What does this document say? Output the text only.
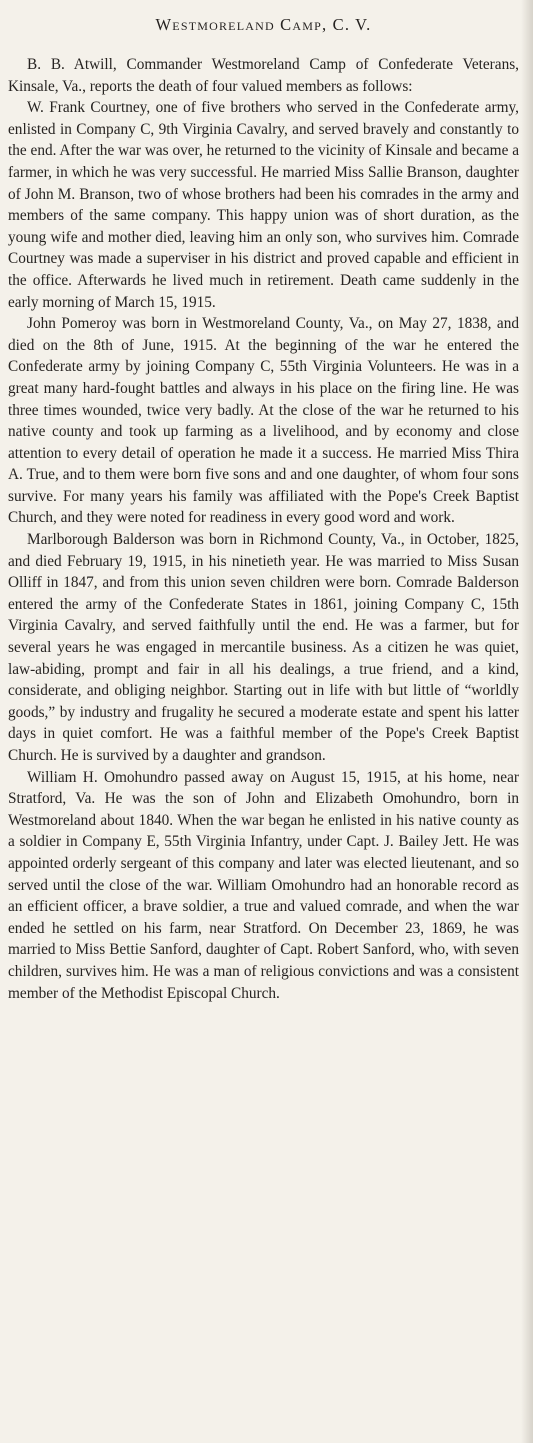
Westmoreland Camp, C. V.

B. B. Atwill, Commander Westmoreland Camp of Confederate Veterans, Kinsale, Va., reports the death of four valued members as follows:

W. Frank Courtney, one of five brothers who served in the Confederate army, enlisted in Company C, 9th Virginia Cavalry, and served bravely and constantly to the end. After the war was over, he returned to the vicinity of Kinsale and became a farmer, in which he was very successful. He married Miss Sallie Branson, daughter of John M. Branson, two of whose brothers had been his comrades in the army and members of the same company. This happy union was of short duration, as the young wife and mother died, leaving him an only son, who survives him. Comrade Courtney was made a superviser in his district and proved capable and efficient in the office. Afterwards he lived much in retirement. Death came suddenly in the early morning of March 15, 1915.

John Pomeroy was born in Westmoreland County, Va., on May 27, 1838, and died on the 8th of June, 1915. At the beginning of the war he entered the Confederate army by joining Company C, 55th Virginia Volunteers. He was in a great many hard-fought battles and always in his place on the firing line. He was three times wounded, twice very badly. At the close of the war he returned to his native county and took up farming as a livelihood, and by economy and close attention to every detail of operation he made it a success. He married Miss Thira A. True, and to them were born five sons and and one daughter, of whom four sons survive. For many years his family was affiliated with the Pope's Creek Baptist Church, and they were noted for readiness in every good word and work.

Marlborough Balderson was born in Richmond County, Va., in October, 1825, and died February 19, 1915, in his ninetieth year. He was married to Miss Susan Olliff in 1847, and from this union seven children were born. Comrade Balderson entered the army of the Confederate States in 1861, joining Company C, 15th Virginia Cavalry, and served faithfully until the end. He was a farmer, but for several years he was engaged in mercantile business. As a citizen he was quiet, law-abiding, prompt and fair in all his dealings, a true friend, and a kind, considerate, and obliging neighbor. Starting out in life with but little of “worldly goods,” by industry and frugality he secured a moderate estate and spent his latter days in quiet comfort. He was a faithful member of the Pope's Creek Baptist Church. He is survived by a daughter and grandson.

William H. Omohundro passed away on August 15, 1915, at his home, near Stratford, Va. He was the son of John and Elizabeth Omohundro, born in Westmoreland about 1840. When the war began he enlisted in his native county as a soldier in Company E, 55th Virginia Infantry, under Capt. J. Bailey Jett. He was appointed orderly sergeant of this company and later was elected lieutenant, and so served until the close of the war. William Omohundro had an honorable record as an efficient officer, a brave soldier, a true and valued comrade, and when the war ended he settled on his farm, near Stratford. On December 23, 1869, he was married to Miss Bettie Sanford, daughter of Capt. Robert Sanford, who, with seven children, survives him. He was a man of religious convictions and was a consistent member of the Methodist Episcopal Church.
